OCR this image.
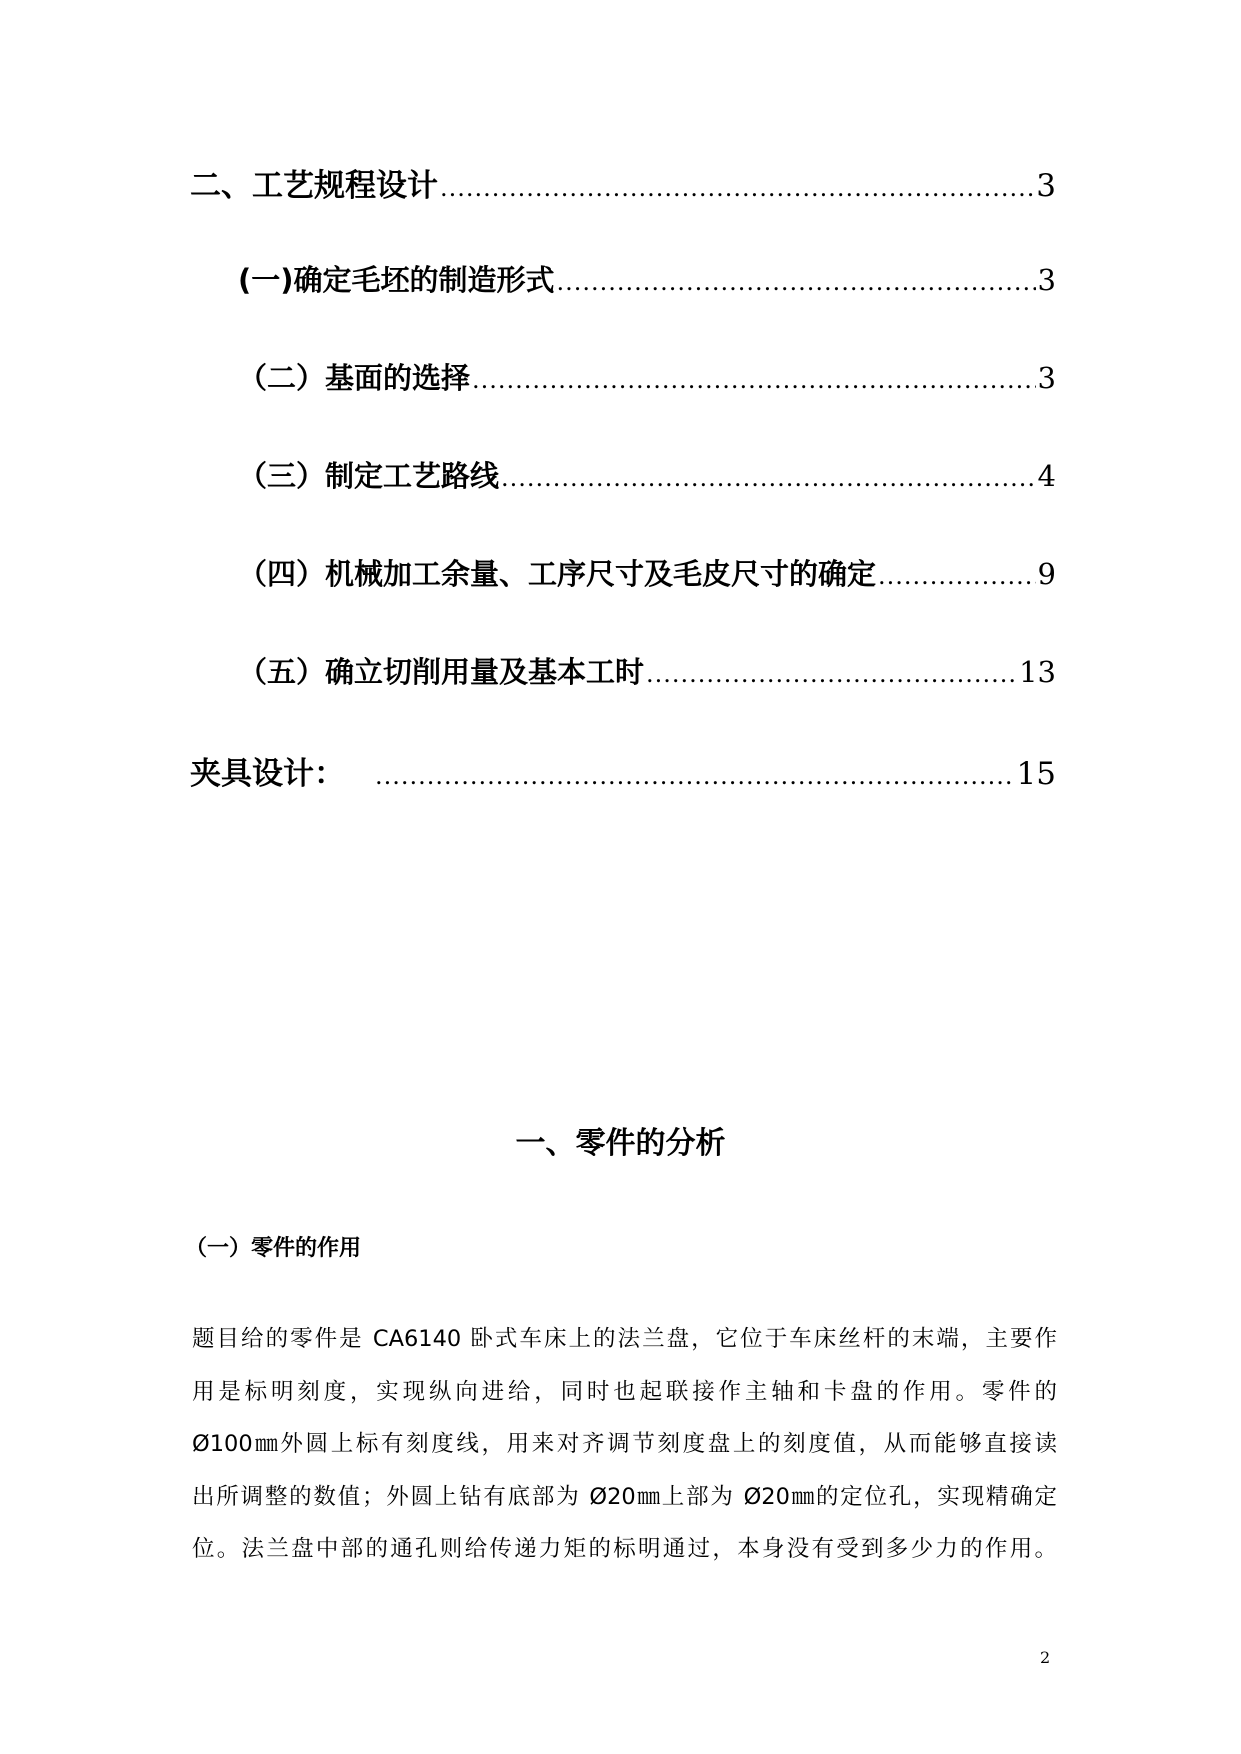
二、工艺规程设计 .....	3
(一)确定毛坯的制造形式 .....	3
（二）基面的选择 .....	3
（三）制定工艺路线 .....	4
（四）机械加工余量、工序尺寸及毛皮尺寸的确定 .....	9
（五）确立切削用量及基本工时 .....	13
夹具设计： .....	15
一、零件的分析
（一）零件的作用
题目给的零件是 CA6140 卧式车床上的法兰盘，它位于车床丝杆的末端，主要作
用是标明刻度，实现纵向进给，同时也起联接作主轴和卡盘的作用。零件的
Ø100㎜外圆上标有刻度线，用来对齐调节刻度盘上的刻度值，从而能够直接读
出所调整的数值；外圆上钻有底部为 Ø20㎜上部为 Ø20㎜的定位孔，实现精确定
位。法兰盘中部的通孔则给传递力矩的标明通过，本身没有受到多少力的作用。
2
